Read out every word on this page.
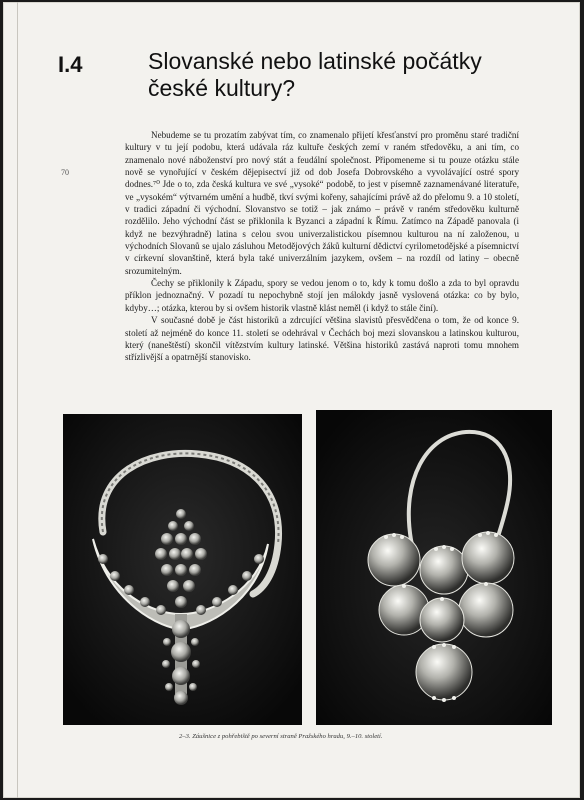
I.4	Slovanské nebo latinské počátky české kultury?
70

Nebudeme se tu prozatím zabývat tím, co znamenalo přijetí křesťanství pro proměnu staré tradiční kultury v tu její podobu, která udávala ráz kultuře českých zemí v raném středověku, a ani tím, co znamenalo nové náboženství pro nový stát a feudální společnost. Připomeneme si tu pouze otázku stále nově se vynořující v českém dějepisectví již od dob Josefa Dobrovského a vyvolávající ostré spory dodnes.⁷⁰ Jde o to, zda česká kultura ve své „vysoké“ podobě, to jest v písemně zaznamenávané literatuře, ve „vysokém“ výtvarném umění a hudbě, tkví svými kořeny, sahajícími právě až do přelomu 9. a 10 století, v tradici západní či východní. Slovanstvo se totiž – jak známo – právě v raném středověku kulturně rozdělilo. Jeho východní část se přiklonila k Byzanci a západní k Římu. Zatímco na Západě panovala (i když ne bezvýhradně) latina s celou svou univerzalistickou písemnou kulturou na ní založenou, u východních Slovanů se ujalo zásluhou Metodějových žáků kulturní dědictví cyrilometodějské a písemnictví v církevní slovanštině, která byla také univerzálním jazykem, ovšem – na rozdíl od latiny – obecně srozumitelným.

Čechy se přiklonily k Západu, spory se vedou jenom o to, kdy k tomu došlo a zda to byl opravdu příklon jednoznačný. V pozadí tu nepochybně stojí jen málokdy jasně vyslovená otázka: co by bylo, kdyby…; otázka, kterou by si ovšem historik vlastně klást neměl (i když to stále činí).

V současné době je část historiků a zdrcující většina slavistů přesvědčena o tom, že od konce 9. století až nejméně do konce 11. století se odehrával v Čechách boj mezi slovanskou a latinskou kulturou, který (naneštěstí) skončil vítězstvím kultury latinské. Většina historiků zastává naproti tomu mnohem střízlivější a opatrnější stanovisko.

2–3. Záušnice z pohřebiště po severní straně Pražského hradu, 9.–10. století.
